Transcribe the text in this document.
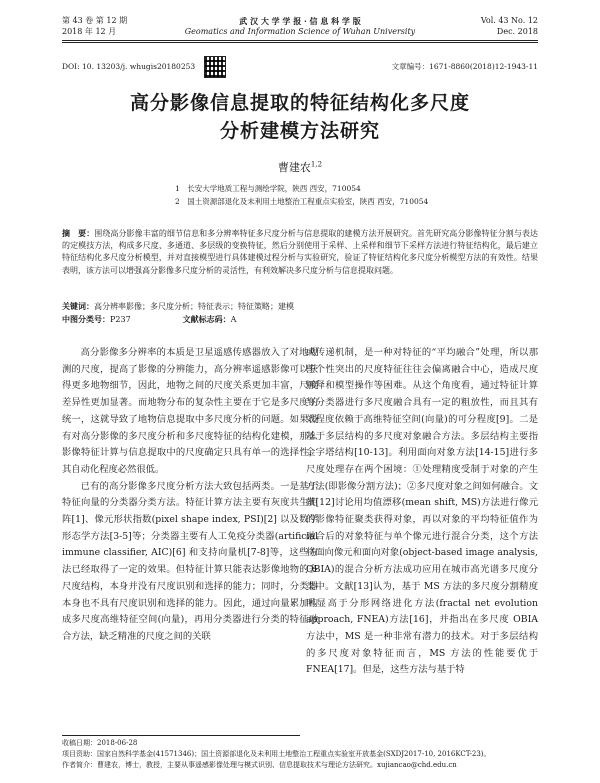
第 43 卷 第 12 期
2018 年 12 月
武 汉 大 学 学 报 · 信 息 科 学 版
Geomatics and Information Science of Wuhan University
Vol. 43 No. 12
Dec. 2018
DOI: 10. 13203/j. whugis20180253	文章编号：1671-8860(2018)12-1943-11
高分影像信息提取的特征结构化多尺度
分析建模方法研究
曹建农$^{1,2}$
1　长安大学地质工程与测绘学院，陕西 西安，710054
2　国土资源部退化及未利用土地整治工程重点实验室，陕西 西安，710054
摘　要：围绕高分影像丰富的细节信息和多分辨率特征多尺度分析与信息提取的建模方法开展研究。首先研究高分影像特征分割与表达的定模技方法，构成多尺度、多通道、多层级的变换特征，然后分别使用于采样、上采样和细节下采样方法进行特征结构化，最后建立特征结构化多尺度分析模型，并对直接模型进行具体建模过程分析与实验研究，验证了特征结构化多尺度分析模型方法的有效性。结果表明，该方法可以增强高分影像多尺度分析的灵活性，有利效解决多尺度分析与信息提取问题。
关键词：高分辨率影像；多尺度分析；特征表示；特征策略；建模
中图分类号：P237	文献标志码：A

高分影像多分辨率的本质是卫星遥感传感器放入了对地观测的尺度，提高了影像的分辨能力，高分辨率遥感影像可以获得更多地物细节，因此，地物之间的尺度关系更加丰富，尺度差异性更加显著。而地物分布的复杂性主要在于它是多尺度的统一，这就导致了地物信息提取中多尺度分析的问题。如果没有对高分影像的多尺度分析和多尺度特征的结构化建模，那么影像特征计算与信息提取中的尺度确定只具有单一的选择性，其自动化程度必然很低。

已有的高分影像多尺度分析方法大致包括两类。一是基于特征向量的分类器分类方法。特征计算方法主要有灰度共生矩阵[1]、像元形状指数(pixel shape index, PSI)[2] 以及数学形态学方法[3-5]等；分类器主要有人工免疫分类器(artificial immune classifier, AIC)[6] 和支持向量机[7-8]等，这些方法已经取得了一定的效果。但特征计算只能表达影像地物的多尺度结构，本身并没有尺度识别和选择的能力；同时，分类器本身也不具有尺度识别和选择的能力。因此，通过向量累加构成多尺度高维特征空间(向量)，再用分类器进行分类的特征融合方法，缺乏精准的尺度之间的关联

或传递机制，是一种对特征的“平均融合”处理，所以那些个性突出的尺度特征往往会偏离融合中心，造成尺度解释和模型操作等困难。从这个角度看，通过特征计算与分类器进行多尺度融合具有一定的粗放性，而且其有效程度依赖于高维特征空间(向量)的可分程度[9]。二是基于多层结构的多尺度对象融合方法。多层结构主要指金字塔结构[10-13]。利用面向对象方法[14-15]进行多尺度处理存在两个困境：①处理精度受制于对象的产生方法(即影像分割方法)；②多尺度对象之间如何融合。文献[12]讨论用均值漂移(mean shift, MS)方法进行像元的影像特征聚类获得对象，再以对象的平均特征值作为融合后的对象特征与单个像元进行混合分类，这个方法将面向像元和面向对象(object-based image analysis, OBIA)的混合分析方法成功应用在城市高光谱多尺度分类中。文献[13]认为，基于 MS 方法的多尺度分割精度明显高于分形网络进化方法(fractal net evolution approach, FNEA)方法[16]，并指出在多尺度 OBIA 方法中，MS 是一种非常有潜力的技术。对于多层结构的多尺度对象特征而言，MS 方法的性能要优于 FNEA[17]。但是，这些方法与基于特

收稿日期：2018-06-28
项目资助：国家自然科学基金(41571346)；国土资源部退化及未利用土地整治工程重点实验室开放基金(SXDJ2017-10, 2016KCT-23)。
作者简介：曹建农，博士，教授，主要从事遥感影像处理与模式识别、信息提取技术与理论方法研究。xujiancao@chd.edu.cn
